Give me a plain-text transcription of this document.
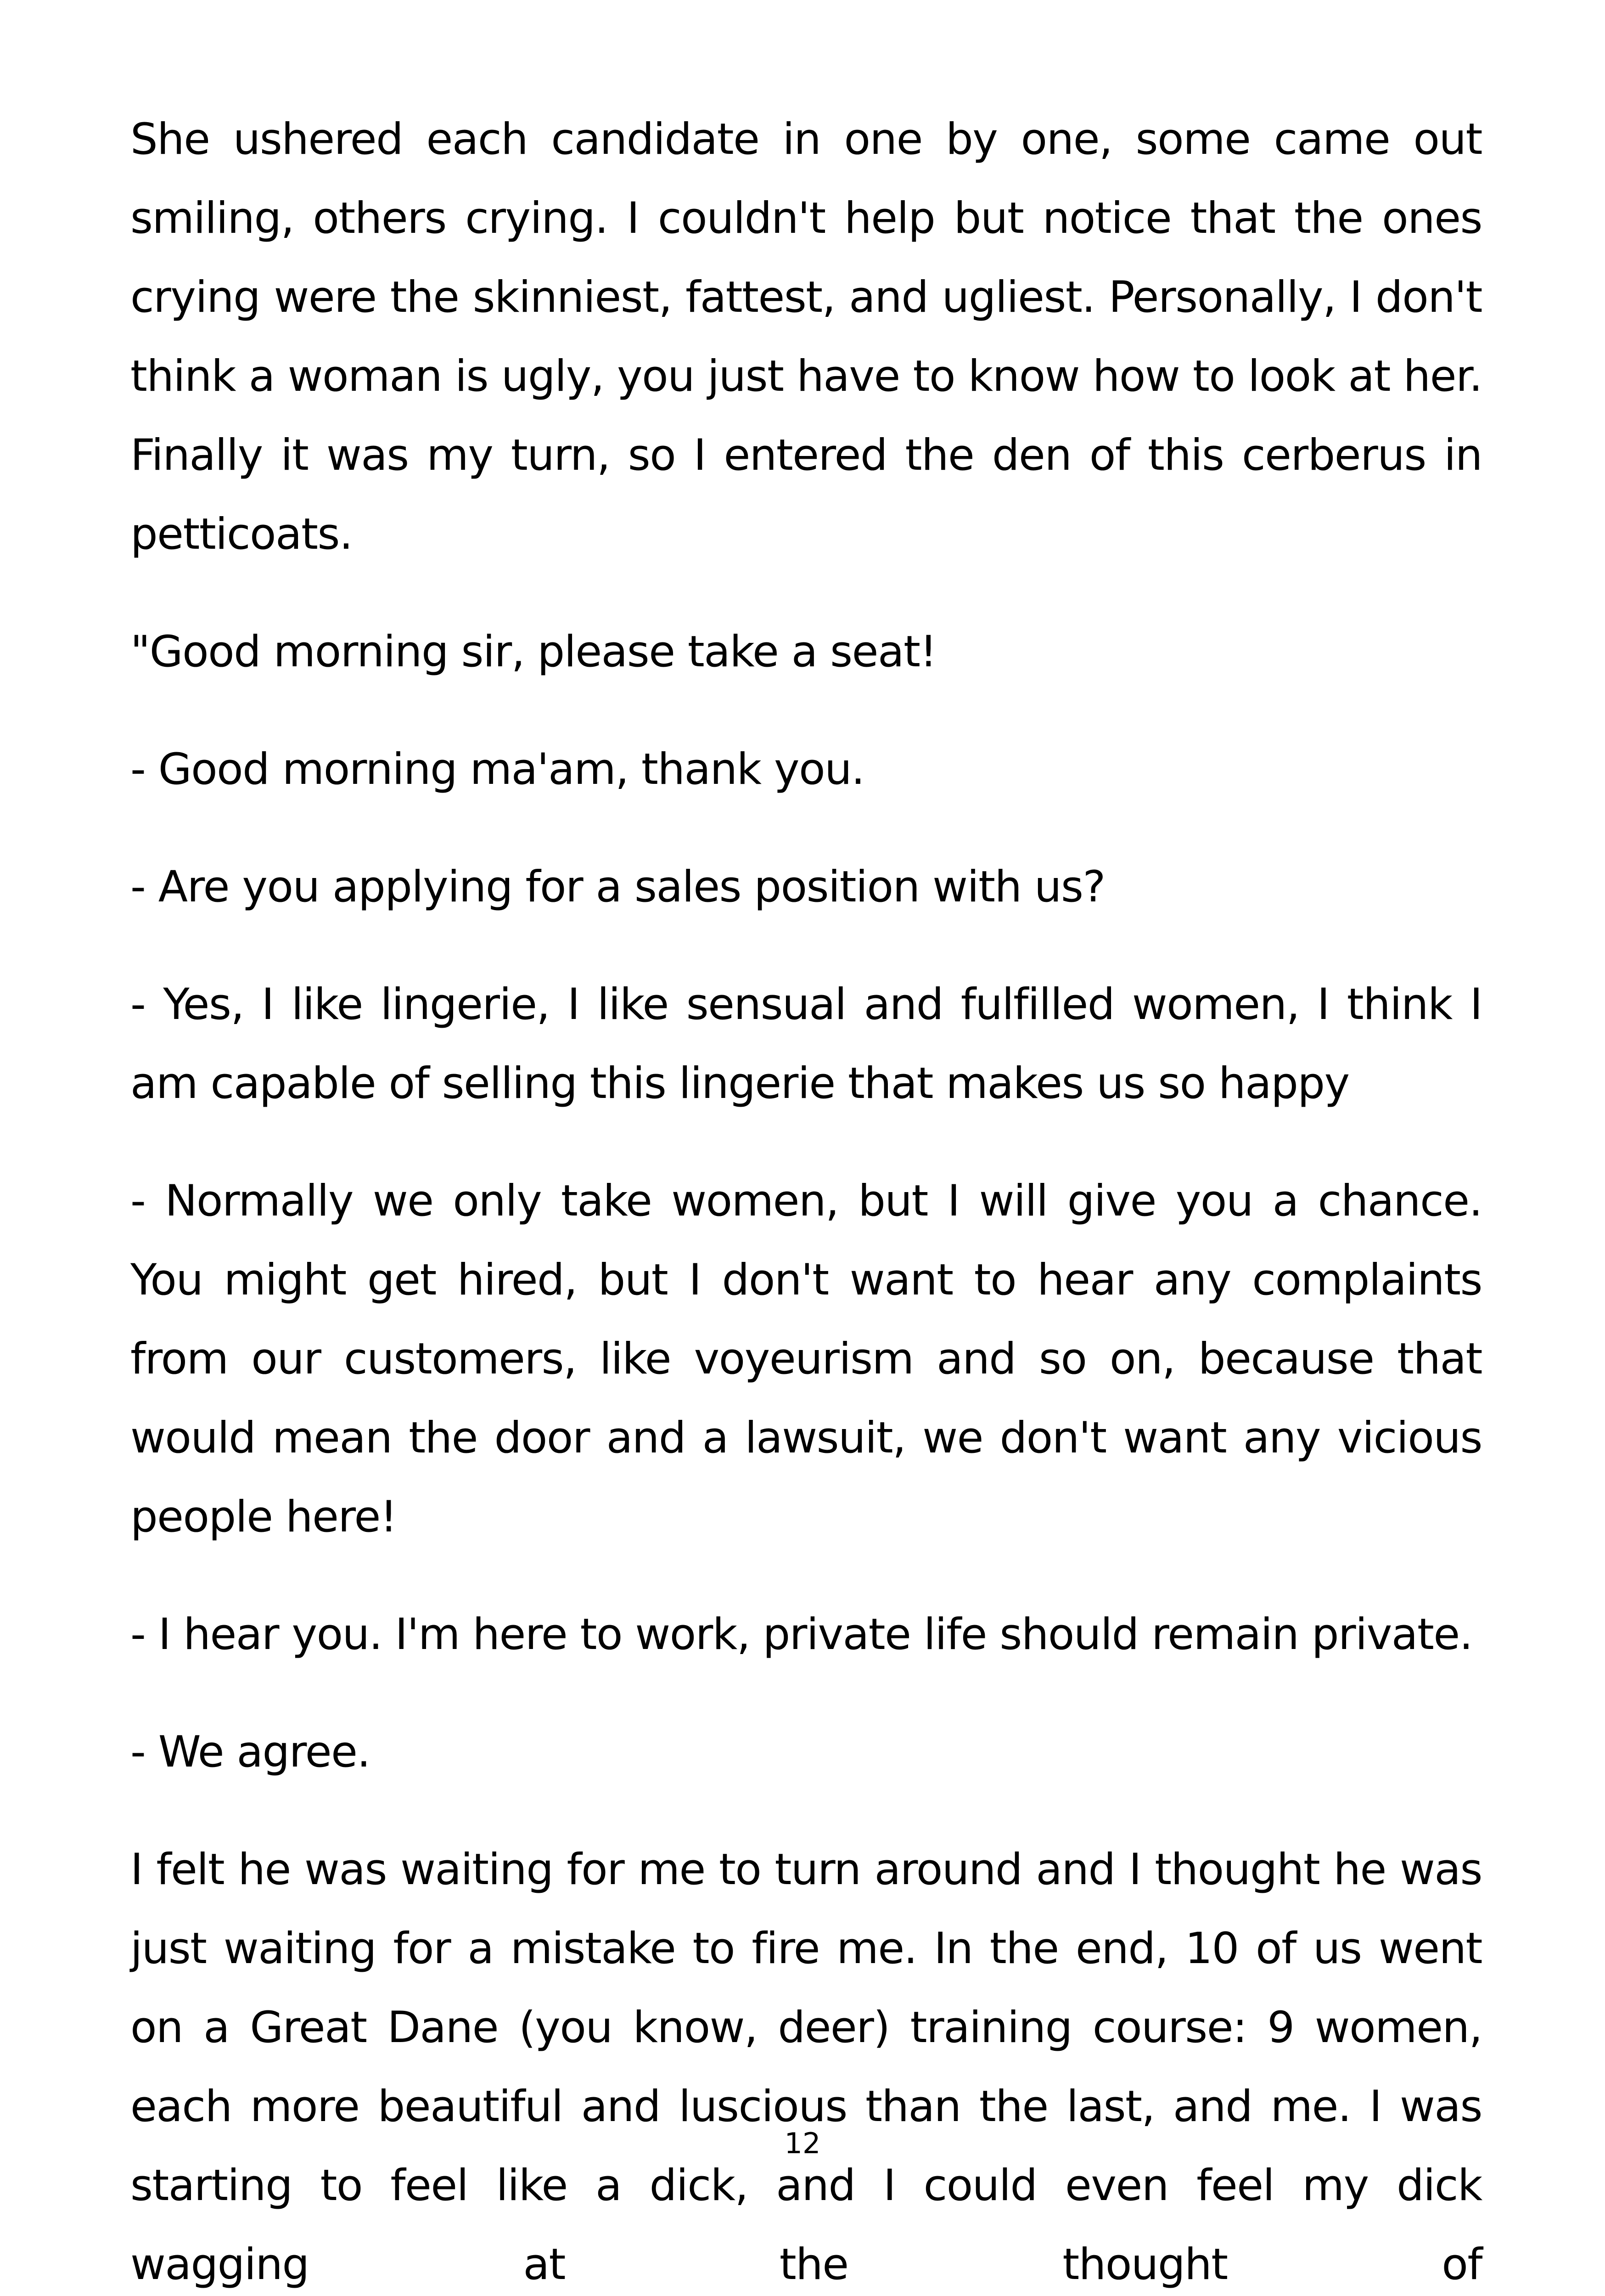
She ushered each candidate in one by one, some came out smiling, others crying. I couldn't help but notice that the ones crying were the skinniest, fattest, and ugliest. Personally, I don't think a woman is ugly, you just have to know how to look at her. Finally it was my turn, so I entered the den of this cerberus in petticoats.

"Good morning sir, please take a seat!

- Good morning ma'am, thank you.

- Are you applying for a sales position with us?

- Yes, I like lingerie, I like sensual and fulfilled women, I think I am capable of selling this lingerie that makes us so happy

- Normally we only take women, but I will give you a chance. You might get hired, but I don't want to hear any complaints from our customers, like voyeurism and so on, because that would mean the door and a lawsuit, we don't want any vicious people here!

- I hear you. I'm here to work, private life should remain private.

- We agree.

I felt he was waiting for me to turn around and I thought he was just waiting for a mistake to fire me. In the end, 10 of us went on a Great Dane (you know, deer) training course: 9 women, each more beautiful and luscious than the last, and me. I was starting to feel like a dick, and I could even feel my dick wagging at the thought of

12
